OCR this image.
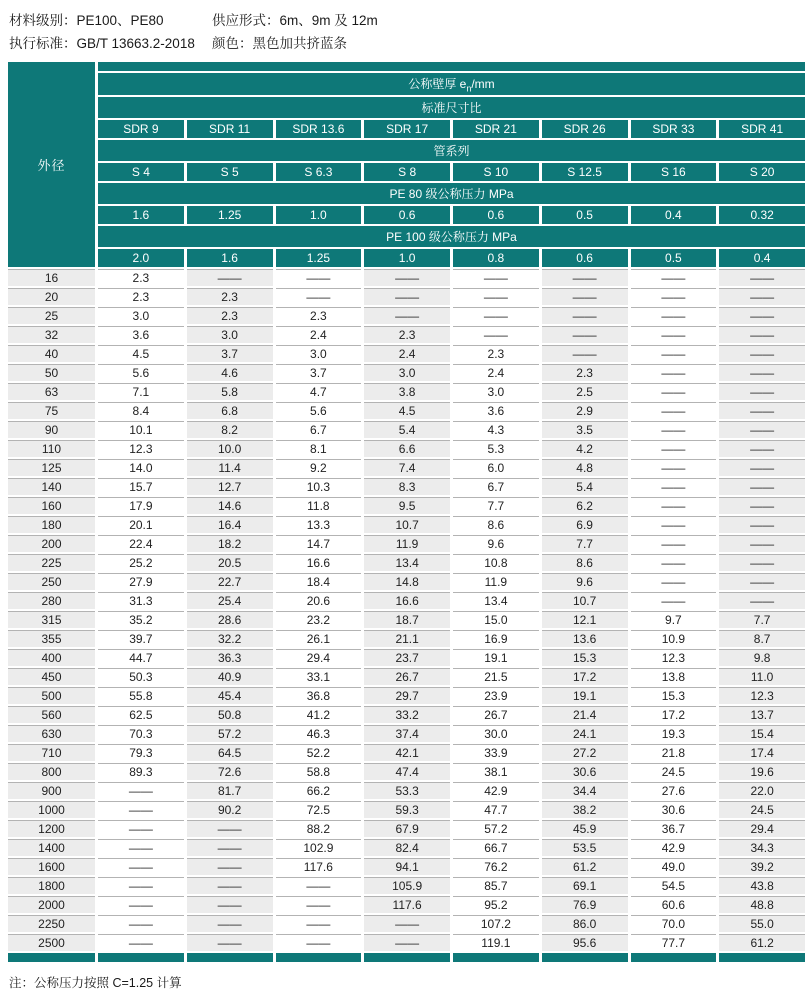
材料级别：PE100、PE80	供应形式：6m、9m 及 12m
执行标准：GB/T 13663.2-2018	颜色：黑色加共挤蓝条
外径								
	公称壁厚 $e_n/mm$							
	标准尺寸比							
	SDR 9	SDR 11	SDR 13.6	SDR 17	SDR 21	SDR 26	SDR 33	SDR 41
	管系列							
	S 4	S 5	S 6.3	S 8	S 10	S 12.5	S 16	S 20
	PE 80 级公称压力 MPa							
	1.6	1.25	1.0	0.6	0.6	0.5	0.4	0.32
	PE 100 级公称压力 MPa							
	2.0	1.6	1.25	1.0	0.8	0.6	0.5	0.4
16	2.3	——	——	——	——	——	——	——
20	2.3	2.3	——	——	——	——	——	——
25	3.0	2.3	2.3	——	——	——	——	——
32	3.6	3.0	2.4	2.3	——	——	——	——
40	4.5	3.7	3.0	2.4	2.3	——	——	——
50	5.6	4.6	3.7	3.0	2.4	2.3	——	——
63	7.1	5.8	4.7	3.8	3.0	2.5	——	——
75	8.4	6.8	5.6	4.5	3.6	2.9	——	——
90	10.1	8.2	6.7	5.4	4.3	3.5	——	——
110	12.3	10.0	8.1	6.6	5.3	4.2	——	——
125	14.0	11.4	9.2	7.4	6.0	4.8	——	——
140	15.7	12.7	10.3	8.3	6.7	5.4	——	——
160	17.9	14.6	11.8	9.5	7.7	6.2	——	——
180	20.1	16.4	13.3	10.7	8.6	6.9	——	——
200	22.4	18.2	14.7	11.9	9.6	7.7	——	——
225	25.2	20.5	16.6	13.4	10.8	8.6	——	——
250	27.9	22.7	18.4	14.8	11.9	9.6	——	——
280	31.3	25.4	20.6	16.6	13.4	10.7	——	——
315	35.2	28.6	23.2	18.7	15.0	12.1	9.7	7.7
355	39.7	32.2	26.1	21.1	16.9	13.6	10.9	8.7
400	44.7	36.3	29.4	23.7	19.1	15.3	12.3	9.8
450	50.3	40.9	33.1	26.7	21.5	17.2	13.8	11.0
500	55.8	45.4	36.8	29.7	23.9	19.1	15.3	12.3
560	62.5	50.8	41.2	33.2	26.7	21.4	17.2	13.7
630	70.3	57.2	46.3	37.4	30.0	24.1	19.3	15.4
710	79.3	64.5	52.2	42.1	33.9	27.2	21.8	17.4
800	89.3	72.6	58.8	47.4	38.1	30.6	24.5	19.6
900	——	81.7	66.2	53.3	42.9	34.4	27.6	22.0
1000	——	90.2	72.5	59.3	47.7	38.2	30.6	24.5
1200	——	——	88.2	67.9	57.2	45.9	36.7	29.4
1400	——	——	102.9	82.4	66.7	53.5	42.9	34.3
1600	——	——	117.6	94.1	76.2	61.2	49.0	39.2
1800	——	——	——	105.9	85.7	69.1	54.5	43.8
2000	——	——	——	117.6	95.2	76.9	60.6	48.8
2250	——	——	——	——	107.2	86.0	70.0	55.0
2500	——	——	——	——	119.1	95.6	77.7	61.2

注：公称压力按照 C=1.25 计算
